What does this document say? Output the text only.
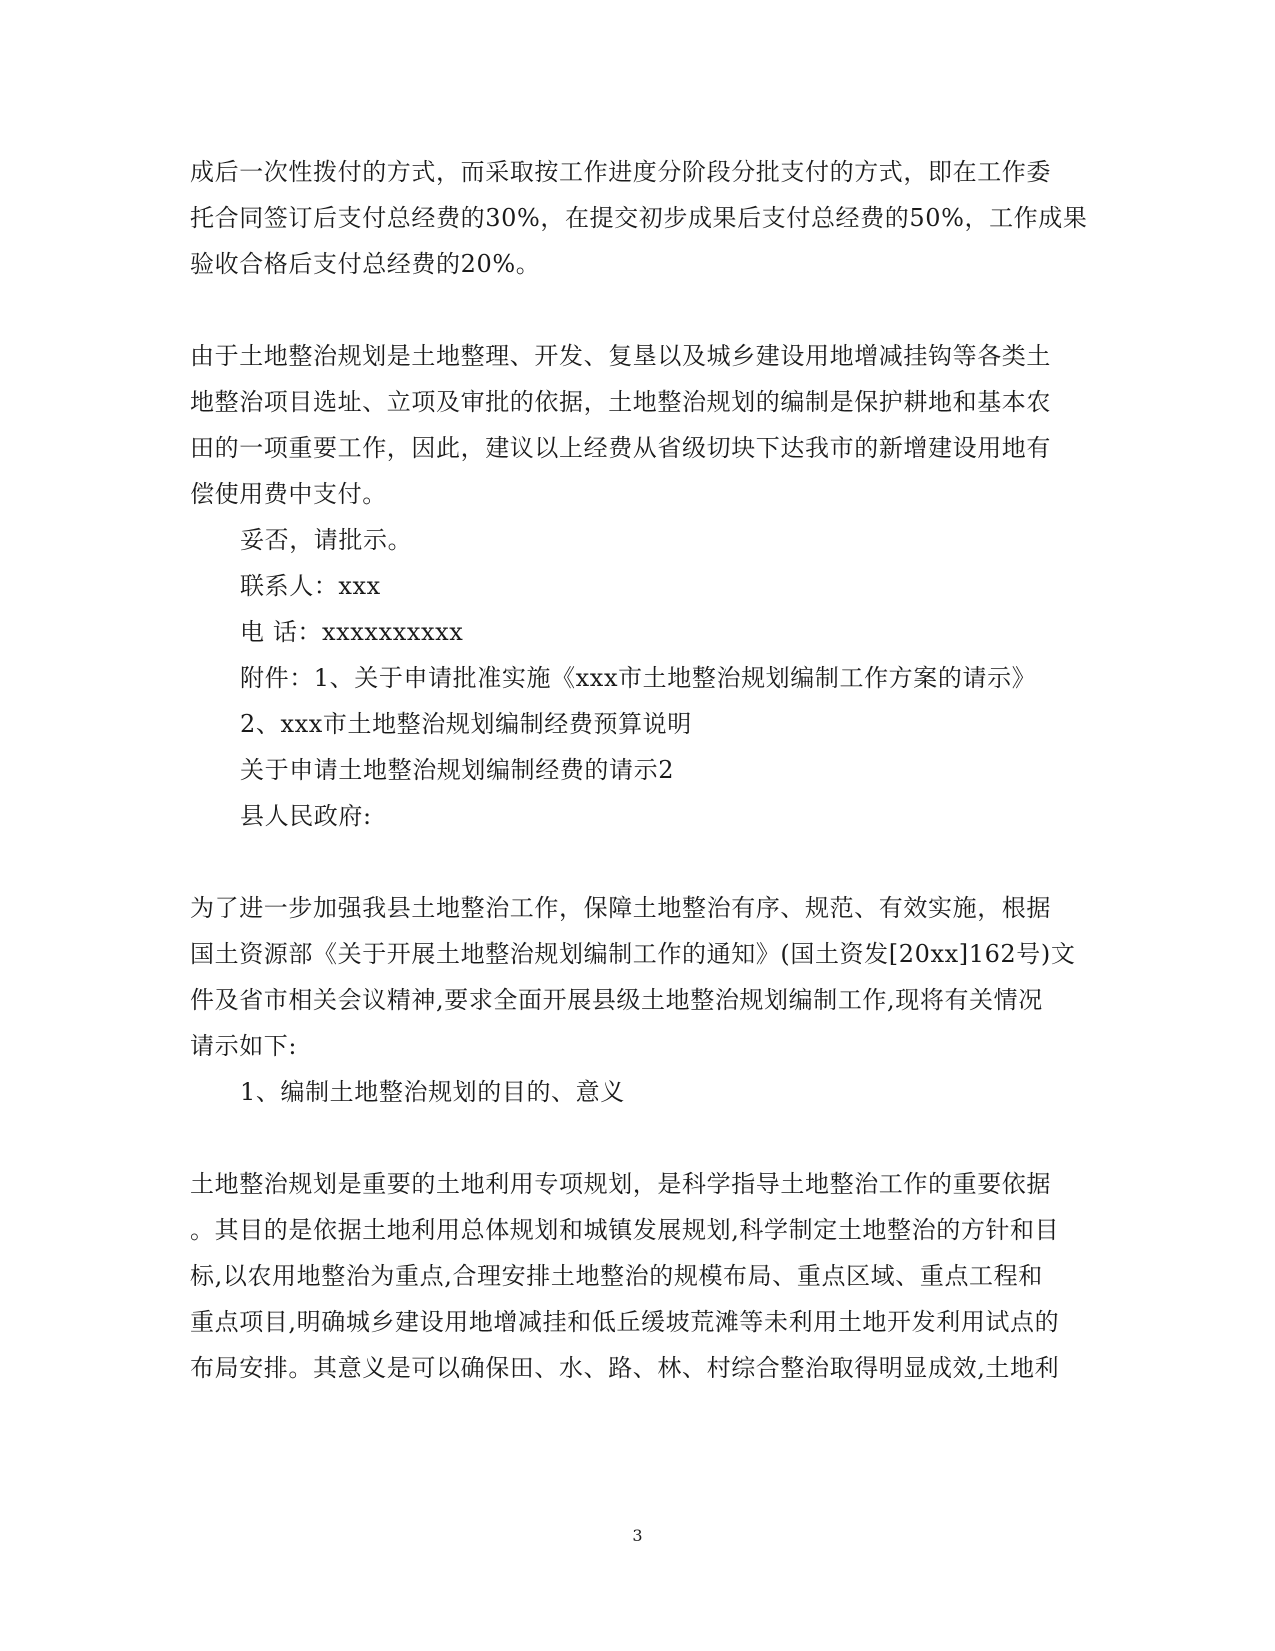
成后一次性拨付的方式，而采取按工作进度分阶段分批支付的方式，即在工作委
托合同签订后支付总经费的30%，在提交初步成果后支付总经费的50%，工作成果
验收合格后支付总经费的20%。
由于土地整治规划是土地整理、开发、复垦以及城乡建设用地增减挂钩等各类土
地整治项目选址、立项及审批的依据，土地整治规划的编制是保护耕地和基本农
田的一项重要工作，因此，建议以上经费从省级切块下达我市的新增建设用地有
偿使用费中支付。
妥否，请批示。
联系人：xxx
电 话：xxxxxxxxxx
附件：1、关于申请批准实施《xxx市土地整治规划编制工作方案的请示》
2、xxx市土地整治规划编制经费预算说明
关于申请土地整治规划编制经费的请示2
县人民政府:
为了进一步加强我县土地整治工作，保障土地整治有序、规范、有效实施，根据
国土资源部《关于开展土地整治规划编制工作的通知》(国土资发[20xx]162号)文
件及省市相关会议精神,要求全面开展县级土地整治规划编制工作,现将有关情况
请示如下:
1、编制土地整治规划的目的、意义
土地整治规划是重要的土地利用专项规划，是科学指导土地整治工作的重要依据
。其目的是依据土地利用总体规划和城镇发展规划,科学制定土地整治的方针和目
标,以农用地整治为重点,合理安排土地整治的规模布局、重点区域、重点工程和
重点项目,明确城乡建设用地增减挂和低丘缓坡荒滩等未利用土地开发利用试点的
布局安排。其意义是可以确保田、水、路、林、村综合整治取得明显成效,土地利
3
